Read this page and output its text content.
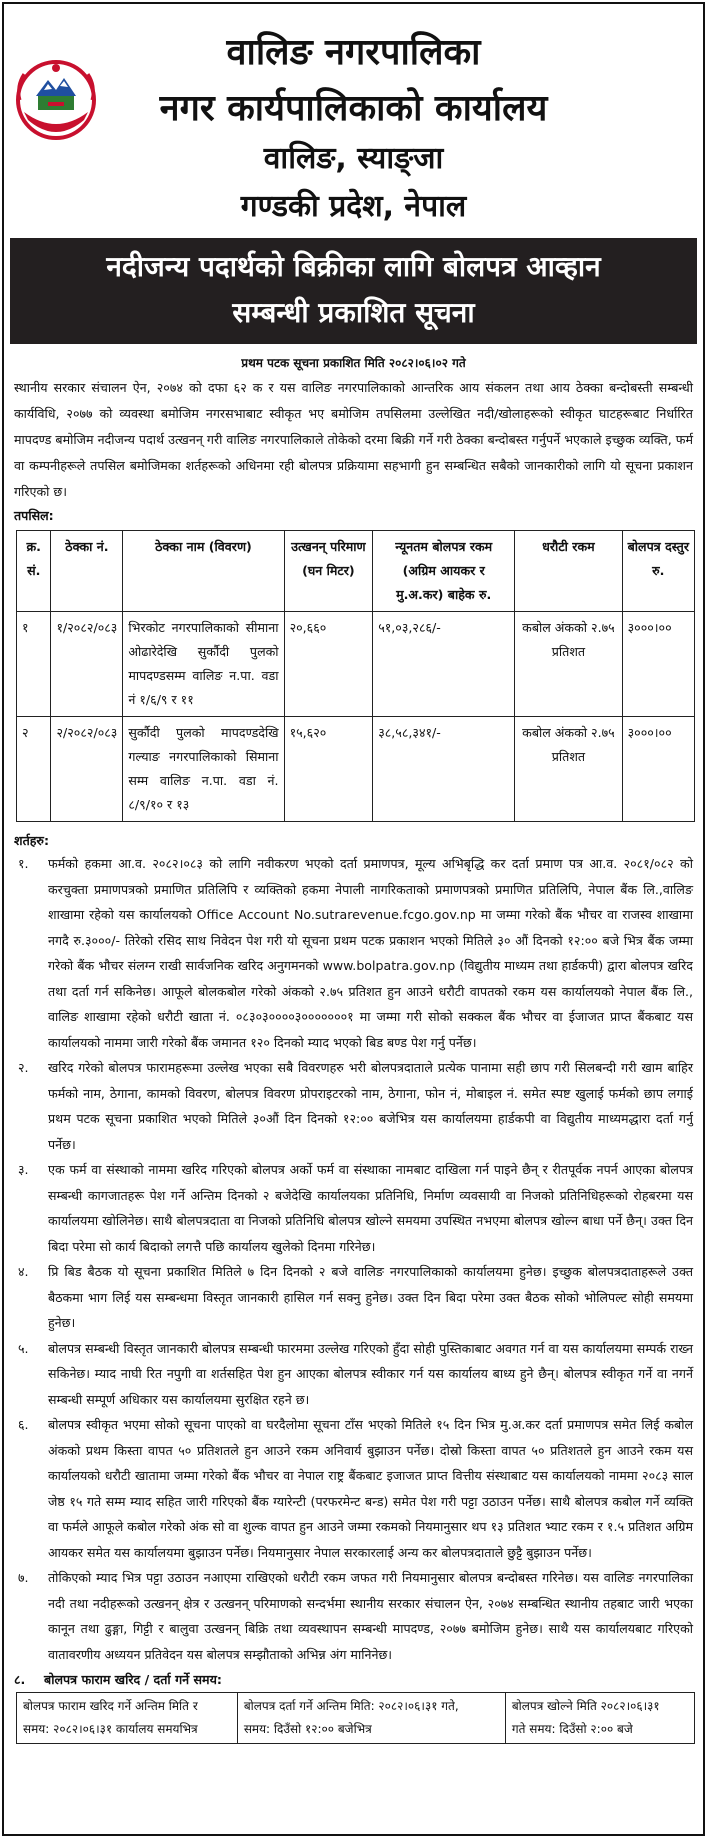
वालिङ नगरपालिका
नगर कार्यपालिकाको कार्यालय
वालिङ, स्याङ्जा
गण्डकी प्रदेश, नेपाल
नदीजन्य पदार्थको बिक्रीका लागि बोलपत्र आव्हान
सम्बन्धी प्रकाशित सूचना
प्रथम पटक सूचना प्रकाशित मिति २०८२।०६।०२ गते
स्थानीय सरकार संचालन ऐन, २०७४ को दफा ६२ क र यस वालिङ नगरपालिकाको आन्तरिक आय संकलन तथा आय ठेक्का बन्दोबस्ती सम्बन्धी कार्यविधि, २०७७ को व्यवस्था बमोजिम नगरसभाबाट स्वीकृत भए बमोजिम तपसिलमा उल्लेखित नदी/खोलाहरूको स्वीकृत घाटहरूबाट निर्धारित मापदण्ड बमोजिम नदीजन्य पदार्थ उत्खनन् गरी वालिङ नगरपालिकाले तोकेको दरमा बिक्री गर्ने गरी ठेक्का बन्दोबस्त गर्नुपर्ने भएकाले इच्छुक व्यक्ति, फर्म वा कम्पनीहरूले तपसिल बमोजिमका शर्तहरूको अधिनमा रही बोलपत्र प्रक्रियामा सहभागी हुन सम्बन्धित सबैको जानकारीको लागि यो सूचना प्रकाशन गरिएको छ।
तपसिल:
क्र. सं.	ठेक्का नं.	ठेक्का नाम (विवरण)	उत्खनन् परिमाण (घन मिटर)	न्यूनतम बोलपत्र रकम (अग्रिम आयकर र मु.अ.कर) बाहेक रु.	धरौटी रकम	बोलपत्र दस्तुर रु.
१	१/२०८२/०८३	भिरकोट नगरपालिकाको सीमाना ओढारेदेखि सुर्कौदी पुलको मापदण्डसम्म वालिङ न.पा. वडा नं १/६/९ र ११	२०,६६०	५१,०३,२८६/-	कबोल अंकको २.७५ प्रतिशत	३०००।००
२	२/२०८२/०८३	सुर्कौदी पुलको मापदण्डदेखि गल्याङ नगरपालिकाको सिमाना सम्म वालिङ न.पा. वडा नं. ८/९/१० र १३	१५,६२०	३८,५८,३४१/-	कबोल अंकको २.७५ प्रतिशत	३०००।००
शर्तहरु:
१.	फर्मको हकमा आ.व. २०८२।०८३ को लागि नवीकरण भएको दर्ता प्रमाणपत्र, मूल्य अभिबृद्धि कर दर्ता प्रमाण पत्र आ.व. २०८१/०८२ को करचुक्ता प्रमाणपत्रको प्रमाणित प्रतिलिपि र व्यक्तिको हकमा नेपाली नागरिकताको प्रमाणपत्रको प्रमाणित प्रतिलिपि, नेपाल बैंक लि.,वालिङ शाखामा रहेको यस कार्यालयको Office Account No.sutrarevenue.fcgo.gov.np मा जम्मा गरेको बैंक भौचर वा राजस्व शाखामा नगदै रु.३०००/- तिरेको रसिद साथ निवेदन पेश गरी यो सूचना प्रथम पटक प्रकाशन भएको मितिले ३० औं दिनको १२:०० बजे भित्र बैंक जम्मा गरेको बैंक भौचर संलग्न राखी सार्वजनिक खरिद अनुगमनको www.bolpatra.gov.np (विद्युतीय माध्यम तथा हार्डकपी) द्वारा बोलपत्र खरिद तथा दर्ता गर्न सकिनेछ। आफूले बोलकबोल गरेको अंकको २.७५ प्रतिशत हुन आउने धरौटी वापतको रकम यस कार्यालयको नेपाल बैंक लि., वालिङ शाखामा रहेको धरौटी खाता नं. ०८३०३००००३०००००००१ मा जम्मा गरी सोको सक्कल बैंक भौचर वा ईजाजत प्राप्त बैंकबाट यस कार्यालयको नाममा जारी गरेको बैंक जमानत १२० दिनको म्याद भएको बिड बण्ड पेश गर्नु पर्नेछ।
२.	खरिद गरेको बोलपत्र फारामहरूमा उल्लेख भएका सबै विवरणहरु भरी बोलपत्रदाताले प्रत्येक पानामा सही छाप गरी सिलबन्दी गरी खाम बाहिर फर्मको नाम, ठेगाना, कामको विवरण, बोलपत्र विवरण प्रोपराइटरको नाम, ठेगाना, फोन नं, मोबाइल नं. समेत स्पष्ट खुलाई फर्मको छाप लगाई प्रथम पटक सूचना प्रकाशित भएको मितिले ३०औं दिन दिनको १२:०० बजेभित्र यस कार्यालयमा हार्डकपी वा विद्युतीय माध्यमद्धारा दर्ता गर्नु पर्नेछ।
३.	एक फर्म वा संस्थाको नाममा खरिद गरिएको बोलपत्र अर्को फर्म वा संस्थाका नामबाट दाखिला गर्न पाइने छैन् र रीतपूर्वक नपर्न आएका बोलपत्र सम्बन्धी कागजातहरू पेश गर्ने अन्तिम दिनको २ बजेदेखि कार्यालयका प्रतिनिधि, निर्माण व्यवसायी वा निजको प्रतिनिधिहरूको रोहबरमा यस कार्यालयमा खोलिनेछ। साथै बोलपत्रदाता वा निजको प्रतिनिधि बोलपत्र खोल्ने समयमा उपस्थित नभएमा बोलपत्र खोल्न बाधा पर्ने छैन्। उक्त दिन बिदा परेमा सो कार्य बिदाको लगत्तै पछि कार्यालय खुलेको दिनमा गरिनेछ।
४.	प्रि बिड बैठक यो सूचना प्रकाशित मितिले ७ दिन दिनको २ बजे वालिङ नगरपालिकाको कार्यालयमा हुनेछ। इच्छुक बोलपत्रदाताहरूले उक्त बैठकमा भाग लिई यस सम्बन्धमा विस्तृत जानकारी हासिल गर्न सक्नु हुनेछ। उक्त दिन बिदा परेमा उक्त बैठक सोको भोलिपल्ट सोही समयमा हुनेछ।
५.	बोलपत्र सम्बन्धी विस्तृत जानकारी बोलपत्र सम्बन्धी फारममा उल्लेख गरिएको हुँदा सोही पुस्तिकाबाट अवगत गर्न वा यस कार्यालयमा सम्पर्क राख्न सकिनेछ। म्याद नाघी रित नपुगी वा शर्तसहित पेश हुन आएका बोलपत्र स्वीकार गर्न यस कार्यालय बाध्य हुने छैन्। बोलपत्र स्वीकृत गर्ने वा नगर्ने सम्बन्धी सम्पूर्ण अधिकार यस कार्यालयमा सुरक्षित रहने छ।
६.	बोलपत्र स्वीकृत भएमा सोको सूचना पाएको वा घरदैलोमा सूचना टाँस भएको मितिले १५ दिन भित्र मु.अ.कर दर्ता प्रमाणपत्र समेत लिई कबोल अंकको प्रथम किस्ता वापत ५० प्रतिशतले हुन आउने रकम अनिवार्य बुझाउन पर्नेछ। दोस्रो किस्ता वापत ५० प्रतिशतले हुन आउने रकम यस कार्यालयको धरौटी खातामा जम्मा गरेको बैंक भौचर वा नेपाल राष्ट्र बैंकबाट इजाजत प्राप्त वित्तीय संस्थाबाट यस कार्यालयको नाममा २०८३ साल जेष्ठ १५ गते सम्म म्याद सहित जारी गरिएको बैंक ग्यारेन्टी (परफरमेन्ट बन्ड) समेत पेश गरी पट्टा उठाउन पर्नेछ। साथै बोलपत्र कबोल गर्ने व्यक्ति वा फर्मले आफूले कबोल गरेको अंक सो वा शुल्क वापत हुन आउने जम्मा रकमको नियमानुसार थप १३ प्रतिशत भ्याट रकम र १.५ प्रतिशत अग्रिम आयकर समेत यस कार्यालयमा बुझाउन पर्नेछ। नियमानुसार नेपाल सरकारलाई अन्य कर बोलपत्रदाताले छुट्टै बुझाउन पर्नेछ।
७.	तोकिएको म्याद भित्र पट्टा उठाउन नआएमा राखिएको धरौटी रकम जफत गरी नियमानुसार बोलपत्र बन्दोबस्त गरिनेछ। यस वालिङ नगरपालिका नदी तथा नदीहरूको उत्खनन् क्षेत्र र उत्खनन् परिमाणको सन्दर्भमा स्थानीय सरकार संचालन ऐन, २०७४ सम्बन्धित स्थानीय तहबाट जारी भएका कानून तथा ढुङ्गा, गिट्टी र बालुवा उत्खनन् बिक्रि तथा व्यवस्थापन सम्बन्धी मापदण्ड, २०७७ बमोजिम हुनेछ। साथै यस कार्यालयबाट गरिएको वातावरणीय अध्ययन प्रतिवेदन यस बोलपत्र सम्झौताको अभिन्न अंग मानिनेछ।
८. बोलपत्र फाराम खरिद / दर्ता गर्ने समय:
बोलपत्र फाराम खरिद गर्ने अन्तिम मिति र
समय: २०८२।०६।३१ कार्यालय समयभित्र

बोलपत्र दर्ता गर्ने अन्तिम मिति: २०८२।०६।३१ गते,
समय: दिउँसो १२:०० बजेभित्र

बोलपत्र खोल्ने मिति २०८२।०६।३१
गते समय: दिउँसो २:०० बजे
